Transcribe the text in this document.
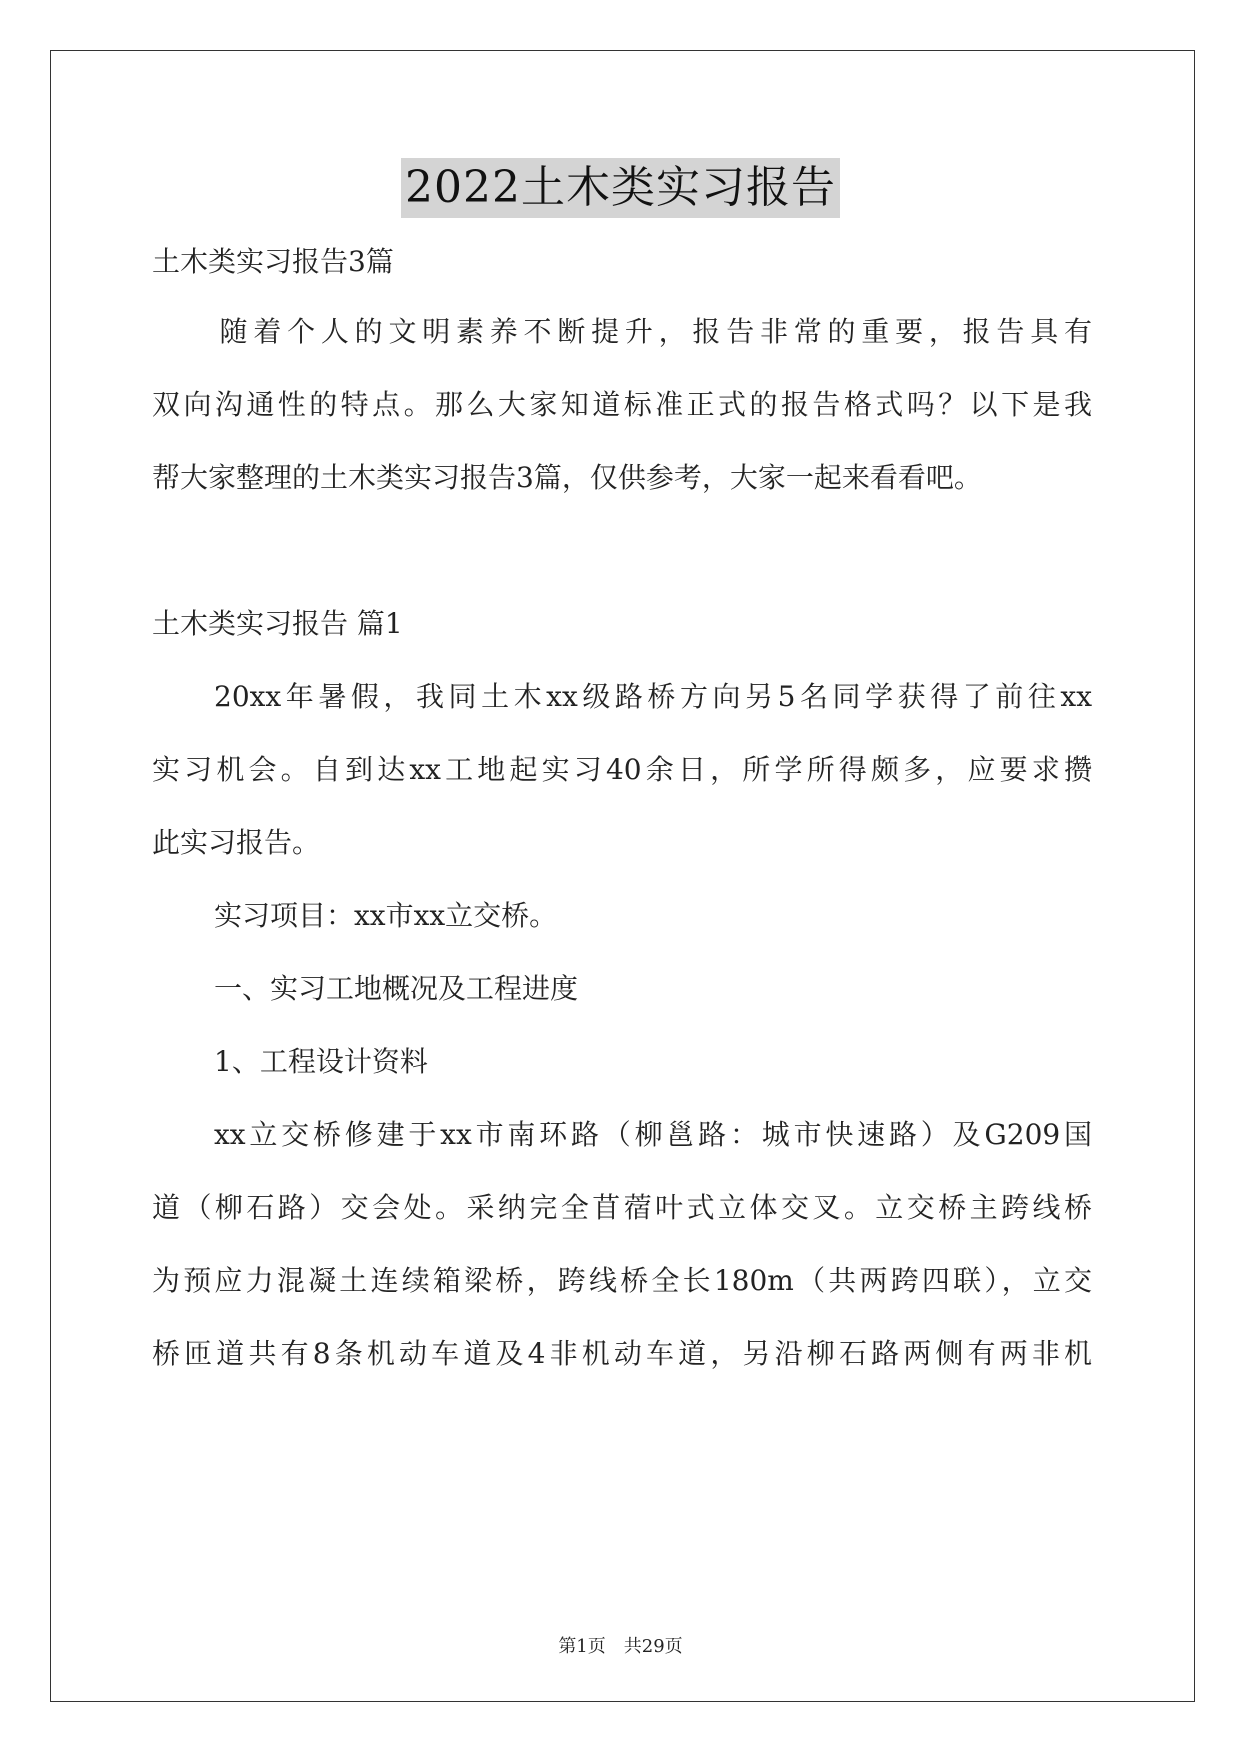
2022土木类实习报告
土木类实习报告3篇
　　随着个人的文明素养不断提升，报告非常的重要，报告具有
双向沟通性的特点。那么大家知道标准正式的报告格式吗？以下是我
帮大家整理的土木类实习报告3篇，仅供参考，大家一起来看看吧。
土木类实习报告 篇1
20xx年暑假，我同土木xx级路桥方向另5名同学获得了前往xx
实习机会。自到达xx工地起实习40余日，所学所得颇多，应要求攒
此实习报告。
实习项目：xx市xx立交桥。
一、实习工地概况及工程进度
1、工程设计资料
xx立交桥修建于xx市南环路（柳邕路：城市快速路）及G209国
道（柳石路）交会处。采纳完全苜蓿叶式立体交叉。立交桥主跨线桥
为预应力混凝土连续箱梁桥，跨线桥全长180m（共两跨四联），立交
桥匝道共有8条机动车道及4非机动车道，另沿柳石路两侧有两非机
第1页　共29页
